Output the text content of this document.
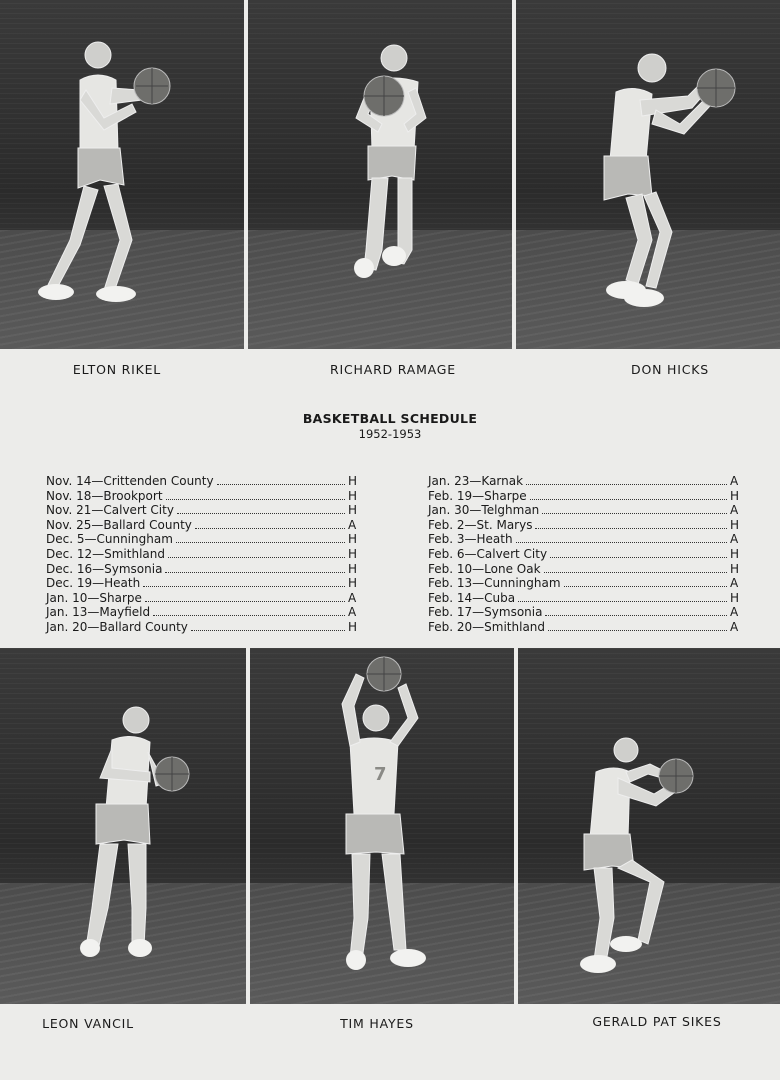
ELTON RIKEL	RICHARD RAMAGE	DON HICKS
BASKETBALL SCHEDULE
1952-1953
Nov. 14 — Crittenden County	H
Nov. 18 — Brookport	H
Nov. 21 — Calvert City	H
Nov. 25 — Ballard County	A
Dec. 5 — Cunningham	H
Dec. 12 — Smithland	H
Dec. 16 — Symsonia	H
Dec. 19 — Heath	H
Jan. 10 — Sharpe	A
Jan. 13 — Mayfield	A
Jan. 20 — Ballard County	H
Jan. 23 — Karnak	A
Feb. 19 — Sharpe	H
Jan. 30 — Telghman	A
Feb. 2 — St. Marys	H
Feb. 3 — Heath	A
Feb. 6 — Calvert City	H
Feb. 10 — Lone Oak	H
Feb. 13 — Cunningham	A
Feb. 14 — Cuba	H
Feb. 17 — Symsonia	A
Feb. 20 — Smithland	A
7
LEON VANCIL	TIM HAYES	GERALD PAT SIKES
